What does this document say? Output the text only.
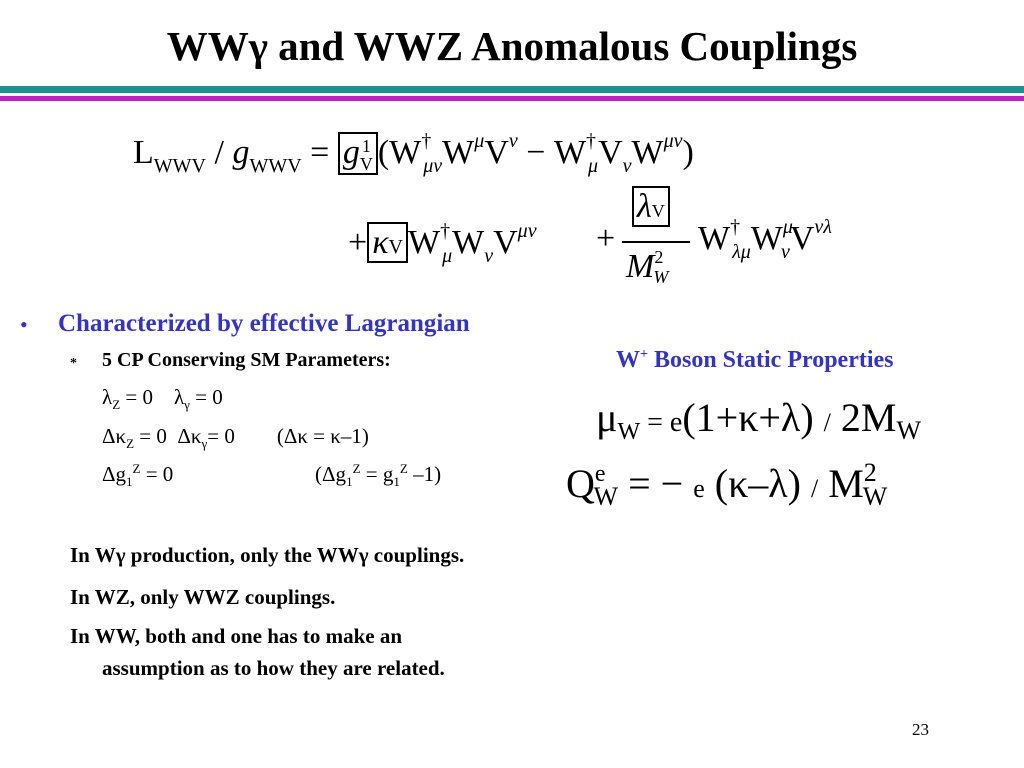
WWγ and WWZ Anomalous Couplings
$L_{WWV} / g_{WWV} = g$ 1
V $(W^\dagger_{\mu\nu}W^\mu V^\nu - W^\dagger_\mu V_\nu W^{\mu\nu})$
+ κV $W^\dagger_\mu W_\nu V^{\mu\nu}$ +
λV
$M^2W$
$W^\dagger_{\lambda\mu}W^\mu_\nu V^{\nu\lambda}$
• Characterized by effective Lagrangian
* 5 CP Conserving SM Parameters:
$\lambda_Z = 0$    $\lambda_\gamma = 0$
$\Delta\kappa_Z = 0$  $\Delta\kappa_\gamma= 0$        (Δκ = κ–1)
$\Delta g_1^Z = 0$                           ($\Delta g_1^Z = g_1^Z$ –1)
W+ Boson Static Properties
$\mu_W = e(1+\kappa+\lambda) / 2M_W$
$Q^e_W$ = − e $(\kappa-\lambda) / M^2_W$
In Wγ production, only the WWγ couplings.
In WZ, only WWZ couplings.
In WW, both and one has to make an
assumption as to how they are related.
23
